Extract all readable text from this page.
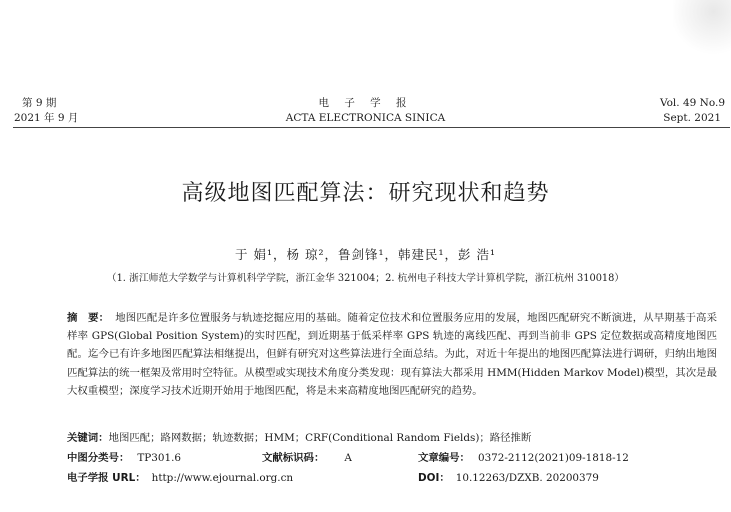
第 9 期
2021 年 9 月
电 子 学 报
ACTA ELECTRONICA SINICA
Vol. 49 No.9
Sept. 2021
高级地图匹配算法：研究现状和趋势
于 娟¹，杨 琼²，鲁剑锋¹，韩建民¹，彭 浩¹
（1. 浙江师范大学数学与计算机科学学院，浙江金华 321004；2. 杭州电子科技大学计算机学院，浙江杭州 310018）
摘　要： 地图匹配是许多位置服务与轨迹挖掘应用的基础。随着定位技术和位置服务应用的发展，地图匹配研究不断演进，从早期基于高采样率 GPS(Global Position System)的实时匹配，到近期基于低采样率 GPS 轨迹的离线匹配、再到当前非 GPS 定位数据或高精度地图匹配。迄今已有许多地图匹配算法相继提出，但鲜有研究对这些算法进行全面总结。为此，对近十年提出的地图匹配算法进行调研，归纳出地图匹配算法的统一框架及常用时空特征。从模型或实现技术角度分类发现：现有算法大都采用 HMM(Hidden Markov Model)模型，其次是最大权重模型；深度学习技术近期开始用于地图匹配，将是未来高精度地图匹配研究的趋势。
关键词：地图匹配；路网数据；轨迹数据；HMM；CRF(Conditional Random Fields)；路径推断
中图分类号： TP301.6	文献标识码： A	文章编号： 0372-2112(2021)09-1818-12
电子学报 URL： http://www.ejournal.org.cn	DOI： 10.12263/DZXB. 20200379
